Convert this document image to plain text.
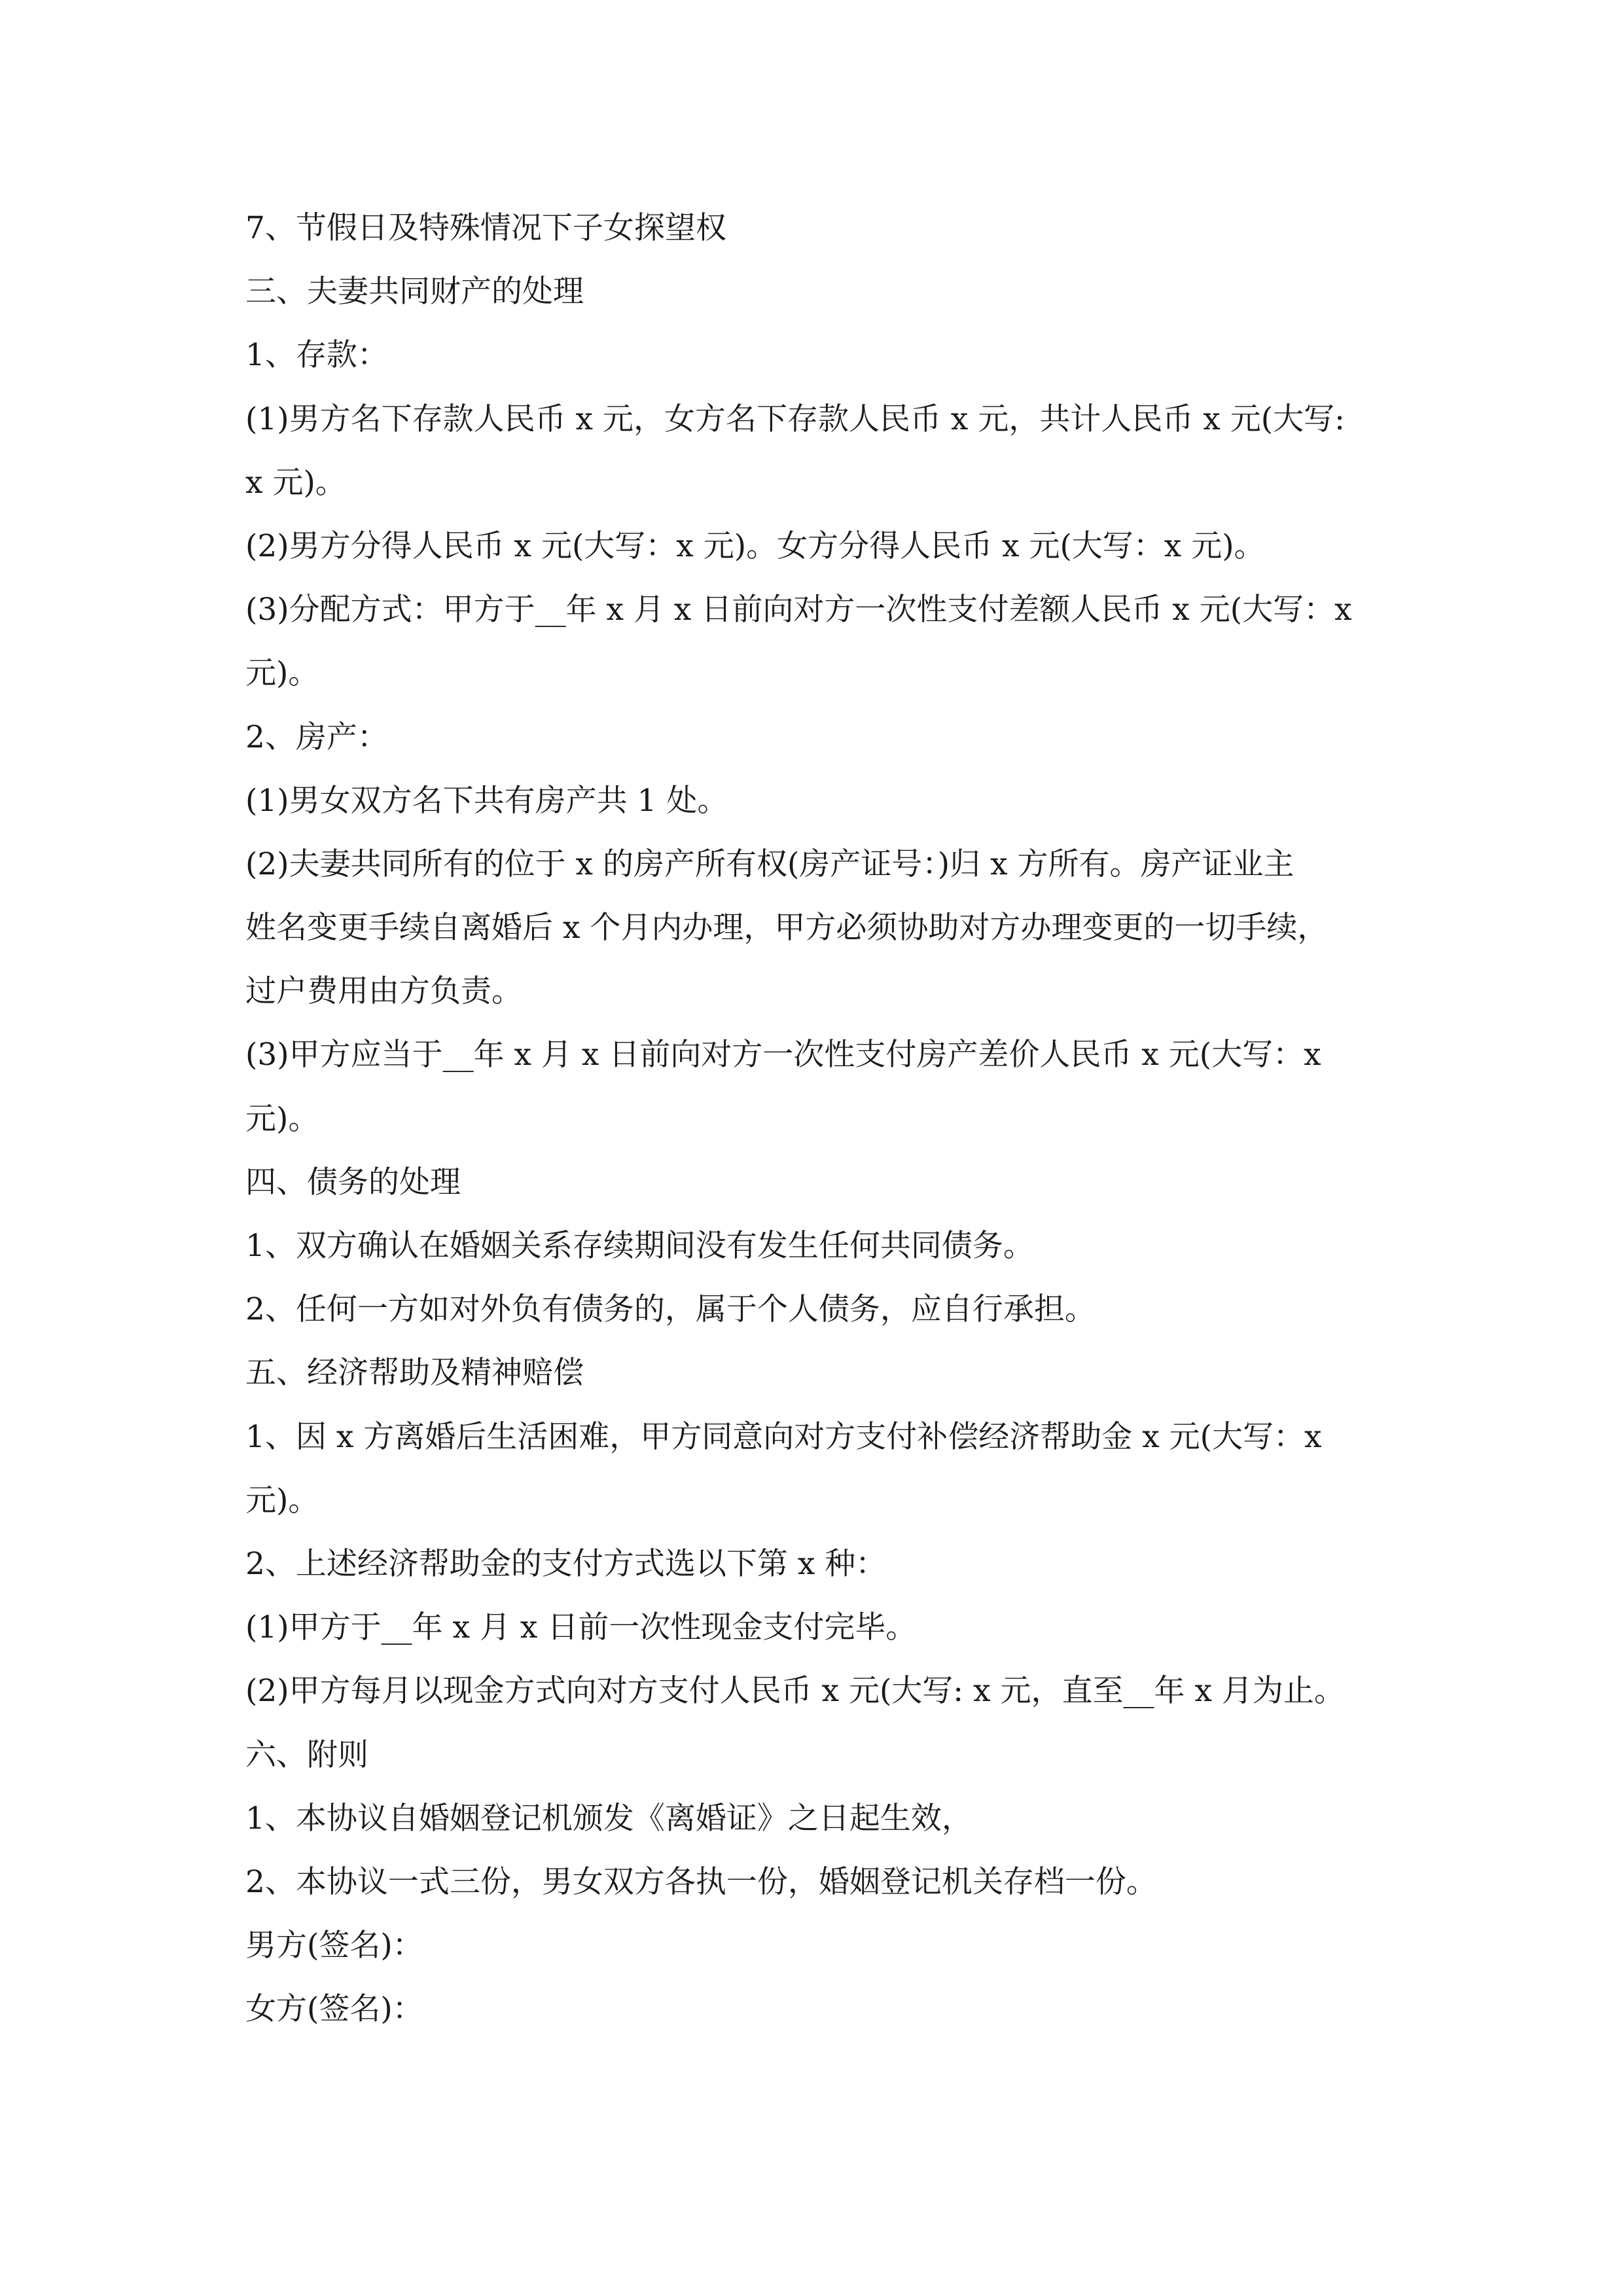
7、节假日及特殊情况下子女探望权
三、夫妻共同财产的处理
1、存款：
(1)男方名下存款人民币 x 元，女方名下存款人民币 x 元，共计人民币 x 元(大写:
x 元)。
(2)男方分得人民币 x 元(大写：x 元)。女方分得人民币 x 元(大写：x 元)。
(3)分配方式：甲方于__年 x 月 x 日前向对方一次性支付差额人民币 x 元(大写：x
元)。
2、房产：
(1)男女双方名下共有房产共 1 处。
(2)夫妻共同所有的位于 x 的房产所有权(房产证号：)归 x 方所有。房产证业主
姓名变更手续自离婚后 x 个月内办理，甲方必须协助对方办理变更的一切手续，
过户费用由方负责。
(3)甲方应当于__年 x 月 x 日前向对方一次性支付房产差价人民币 x 元(大写：x
元)。
四、债务的处理
1、双方确认在婚姻关系存续期间没有发生任何共同债务。
2、任何一方如对外负有债务的，属于个人债务，应自行承担。
五、经济帮助及精神赔偿
1、因 x 方离婚后生活困难，甲方同意向对方支付补偿经济帮助金 x 元(大写：x
元)。
2、上述经济帮助金的支付方式选以下第 x 种：
(1)甲方于__年 x 月 x 日前一次性现金支付完毕。
(2)甲方每月以现金方式向对方支付人民币 x 元(大写: x 元，直至__年 x 月为止。
六、附则
1、本协议自婚姻登记机颁发《离婚证》之日起生效，
2、本协议一式三份，男女双方各执一份，婚姻登记机关存档一份。
男方(签名)：
女方(签名)：
